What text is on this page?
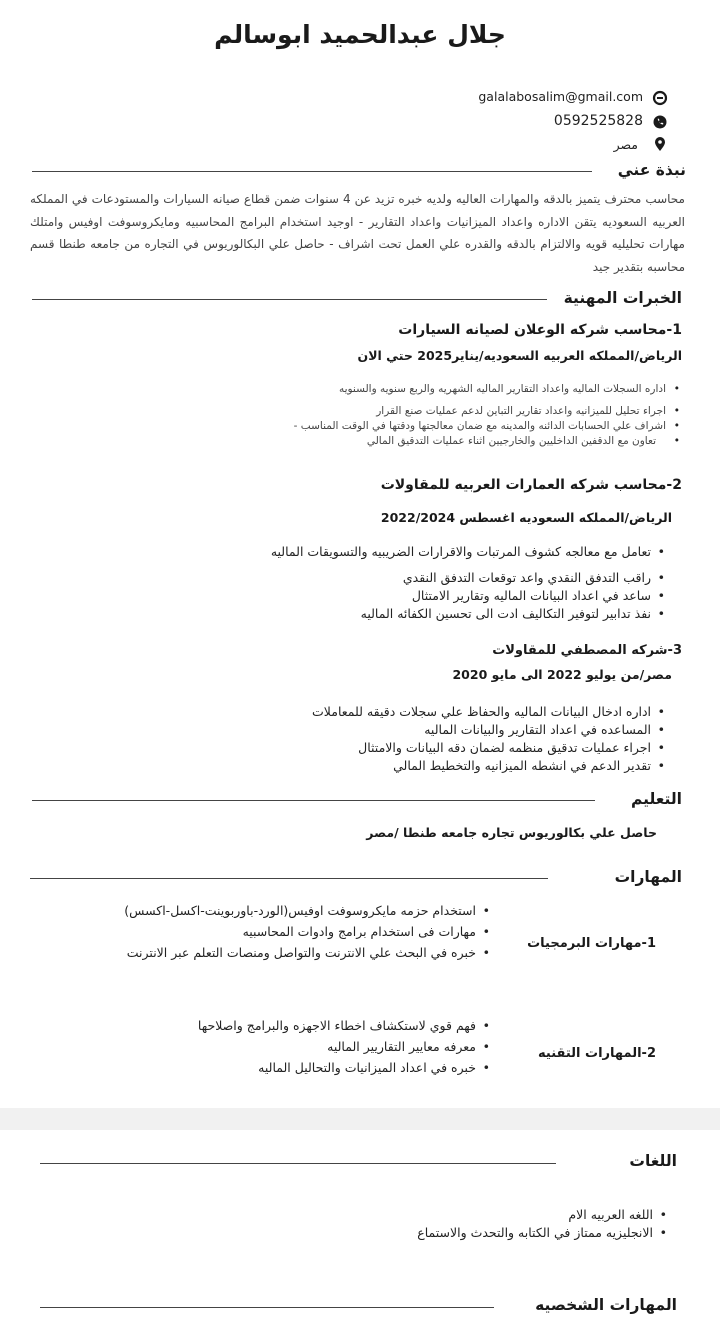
جلال عبدالحميد ابوسالم
galalabosalim@gmail.com
0592525828
مصر
نبذة عني
محاسب محترف يتميز بالدقه والمهارات العاليه ولديه خبره تزيد عن 4 سنوات ضمن قطاع صيانه السيارات والمستودعات في المملكه العربيه السعوديه يتقن الاداره واعداد الميزانيات واعداد التقارير - اوجيد استخدام البرامج المحاسبيه ومايكروسوفت اوفيس وامتلك مهارات تحليليه قويه والالتزام بالدقه والقدره علي العمل تحت اشراف - حاصل علي البكالوريوس في التجاره من جامعه طنطا قسم محاسبه بتقدير جيد
الخبرات المهنية
1-محاسب شركه الوعلان لصيانه السيارات
الرياض/المملكه العربيه السعوديه/يناير2025 حتي الان
• اداره السجلات الماليه واعداد التقارير الماليه الشهريه والربع سنويه والسنويه
• اجراء تحليل للميزانيه واعداد تقارير التباين لدعم عمليات صنع القرار
• اشراف علي الحسابات الدائنه والمدينه مع ضمان معالجتها ودقتها في الوقت المناسب -
• تعاون مع الدقفين الداخليين والخارجيين اثناء عمليات التدقيق المالي
2-محاسب شركه العمارات العربيه للمقاولات
الرياض/المملكه السعوديه اغسطس 2022/2024
• تعامل مع معالجه كشوف المرتبات والاقرارات الضريبيه والتسويقات الماليه
• راقب التدفق النقدي واعد توقعات التدفق النقدي
• ساعد في اعداد البيانات الماليه وتقارير الامتثال
• نفذ تدابير لتوفير التكاليف ادت الى تحسين الكفائه الماليه
3-شركه المصطفي للمقاولات
مصر/من يوليو 2022 الى مايو 2020
• اداره ادخال البيانات الماليه والحفاظ علي سجلات دقيقه للمعاملات
• المساعده في اعداد التقارير والبيانات الماليه
• اجراء عمليات تدقيق منظمه لضمان دقه البيانات والامتثال
• تقدير الدعم في انشطه الميزانيه والتخطيط المالي
التعليم
حاصل علي بكالوريوس تجاره جامعه طنطا /مصر
المهارات
1-مهارات البرمجيات
• استخدام حزمه مايكروسوفت اوفيس(الورد-باوربوينت-اكسل-اكسس)
• مهارات فى استخدام برامج وادوات المحاسبيه
• خبره في البحث علي الانترنت والتواصل ومنصات التعلم عبر الانترنت
2-المهارات التقنيه
• فهم قوي لاستكشاف اخطاء الاجهزه والبرامج واصلاحها
• معرفه معايير التقاريير الماليه
• خبره في اعداد الميزانيات والتحاليل الماليه
اللغات
• اللغه العربيه الام
• الانجليزيه ممتاز في الكتابه والتحدث والاستماع
المهارات الشخصيه
